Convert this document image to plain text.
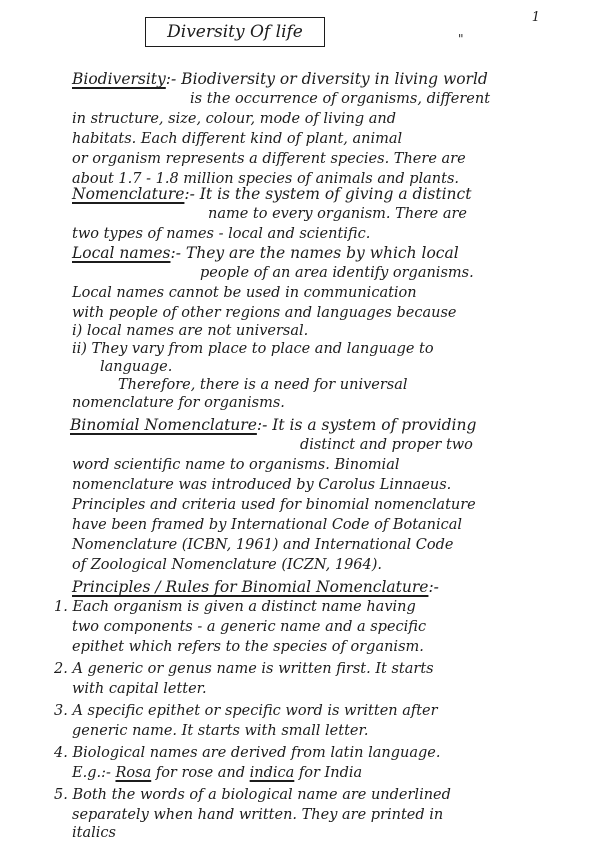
1
"
Diversity Of life
Biodiversity:- Biodiversity or diversity in living world
is the occurrence of organisms, different
in structure, size, colour, mode of living and
habitats. Each different kind of plant, animal
or organism represents a different species. There are
about 1.7 - 1.8 million species of animals and plants.
Nomenclature:- It is the system of giving a distinct
name to every organism. There are
two types of names - local and scientific.
Local names:- They are the names by which local
people of an area identify organisms.
Local names cannot be used in communication
with people of other regions and languages because
i) local names are not universal.
ii) They vary from place to place and language to
language.
Therefore, there is a need for universal
nomenclature for organisms.
Binomial Nomenclature:- It is a system of providing
distinct and proper two
word scientific name to organisms. Binomial
nomenclature was introduced by Carolus Linnaeus.
Principles and criteria used for binomial nomenclature
have been framed by International Code of Botanical
Nomenclature (ICBN, 1961) and International Code
of Zoological Nomenclature (ICZN, 1964).
Principles / Rules for Binomial Nomenclature:-
1. Each organism is given a distinct name having
two components - a generic name and a specific
epithet which refers to the species of organism.
2. A generic or genus name is written first. It starts
with capital letter.
3. A specific epithet or specific word is written after
generic name. It starts with small letter.
4. Biological names are derived from latin language.
E.g.:- Rosa for rose and indica for India
5. Both the words of a biological name are underlined
separately when hand written. They are printed in
italics
